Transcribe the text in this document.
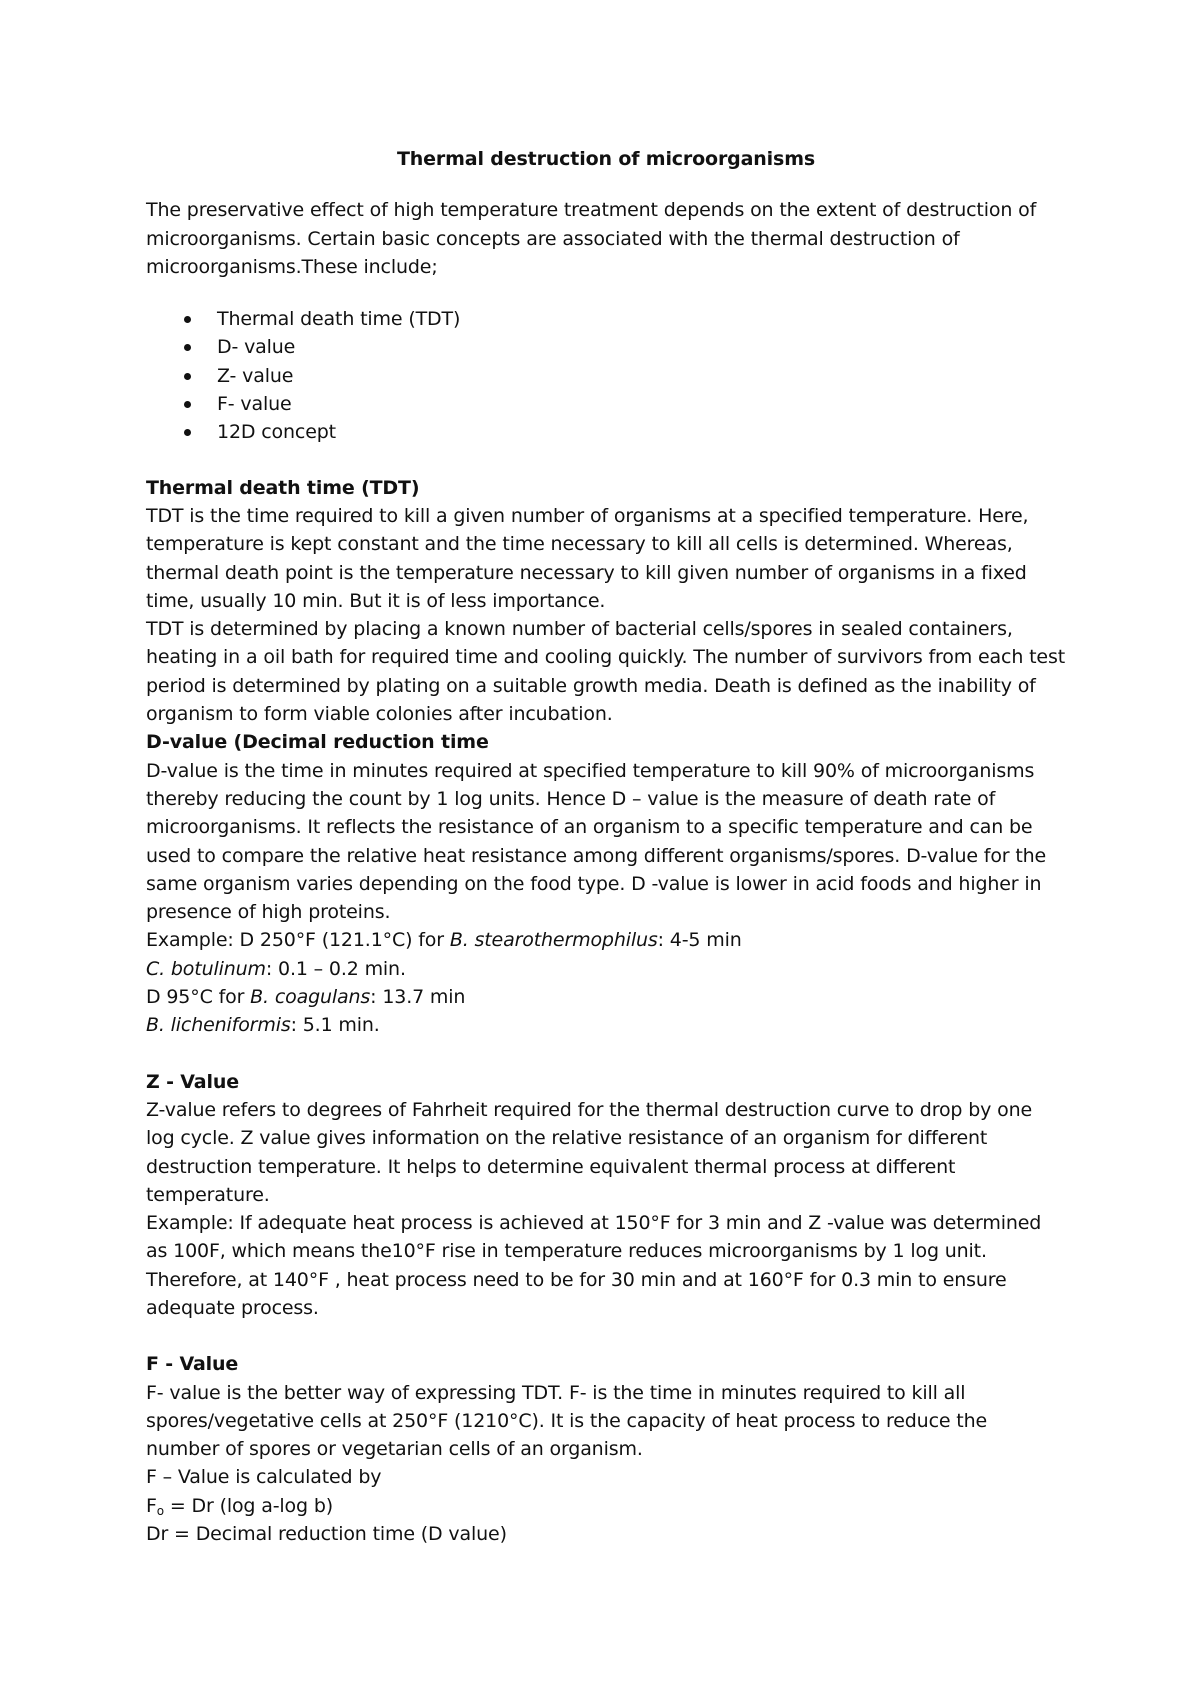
Thermal destruction of microorganisms

The preservative effect of high temperature treatment depends on the extent of destruction of microorganisms. Certain basic concepts are associated with the thermal destruction of microorganisms.These include;

Thermal death time (TDT)
D- value
Z- value
F- value
12D concept

Thermal death time (TDT)

TDT is the time required to kill a given number of organisms at a specified temperature. Here, temperature is kept constant and the time necessary to kill all cells is determined. Whereas, thermal death point is the temperature necessary to kill given number of organisms in a fixed time, usually 10 min. But it is of less importance.

TDT is determined by placing a known number of bacterial cells/spores in sealed containers, heating in a oil bath for required time and cooling quickly. The number of survivors from each test period is determined by plating on a suitable growth media. Death is defined as the inability of organism to form viable colonies after incubation.

D-value (Decimal reduction time

D-value is the time in minutes required at specified temperature to kill 90% of microorganisms thereby reducing the count by 1 log units. Hence D – value is the measure of death rate of microorganisms. It reflects the resistance of an organism to a specific temperature and can be used to compare the relative heat resistance among different organisms/spores. D-value for the same organism varies depending on the food type. D -value is lower in acid foods and higher in presence of high proteins.

Example: D 250°F (121.1°C) for B. stearothermophilus: 4-5 min

C. botulinum: 0.1 – 0.2 min.

D 95°C for B. coagulans: 13.7 min

B. licheniformis: 5.1 min.

Z - Value

Z-value refers to degrees of Fahrheit required for the thermal destruction curve to drop by one log cycle. Z value gives information on the relative resistance of an organism for different destruction temperature. It helps to determine equivalent thermal process at different temperature.

Example: If adequate heat process is achieved at 150°F for 3 min and Z -value was determined as 100F, which means the10°F rise in temperature reduces microorganisms by 1 log unit. Therefore, at 140°F , heat process need to be for 30 min and at 160°F for 0.3 min to ensure adequate process.

F - Value

F- value is the better way of expressing TDT. F- is the time in minutes required to kill all spores/vegetative cells at 250°F (1210°C). It is the capacity of heat process to reduce the number of spores or vegetarian cells of an organism.

F – Value is calculated by

$F_o = Dr$ (log a-log b)

Dr = Decimal reduction time (D value)
